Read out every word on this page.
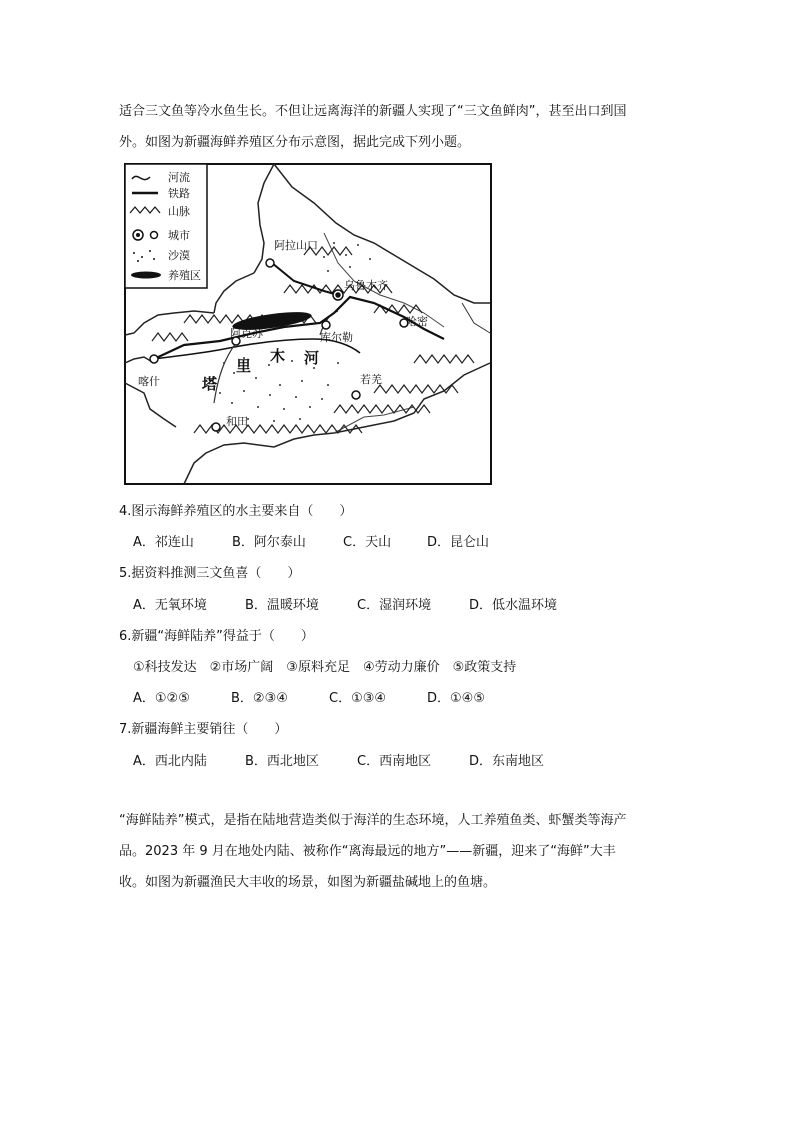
适合三文鱼等冷水鱼生长。不但让远离海洋的新疆人实现了“三文鱼鲜肉”，甚至出口到国
外。如图为新疆海鲜养殖区分布示意图，据此完成下列小题。
阿拉山口
乌鲁木齐
哈密
库尔勒
阿克苏
喀什	若羌
和田
塔
里
木 河
河流
铁路
山脉
城市
沙漠
养殖区
4.图示海鲜养殖区的水主要来自（　　）
A．祁连山	B．阿尔泰山	C．天山	D．昆仑山
5.据资料推测三文鱼喜（　　）
A．无氧环境	B．温暖环境	C．湿润环境	D．低水温环境
6.新疆“海鲜陆养”得益于（　　）
①科技发达　②市场广阔　③原料充足　④劳动力廉价　⑤政策支持
A．①②⑤	B．②③④	C．①③④	D．①④⑤
7.新疆海鲜主要销往（　　）
A．西北内陆	B．西北地区	C．西南地区	D．东南地区
“海鲜陆养”模式，是指在陆地营造类似于海洋的生态环境，人工养殖鱼类、虾蟹类等海产
品。2023 年 9 月在地处内陆、被称作“离海最远的地方”——新疆，迎来了“海鲜”大丰
收。如图为新疆渔民大丰收的场景，如图为新疆盐碱地上的鱼塘。
